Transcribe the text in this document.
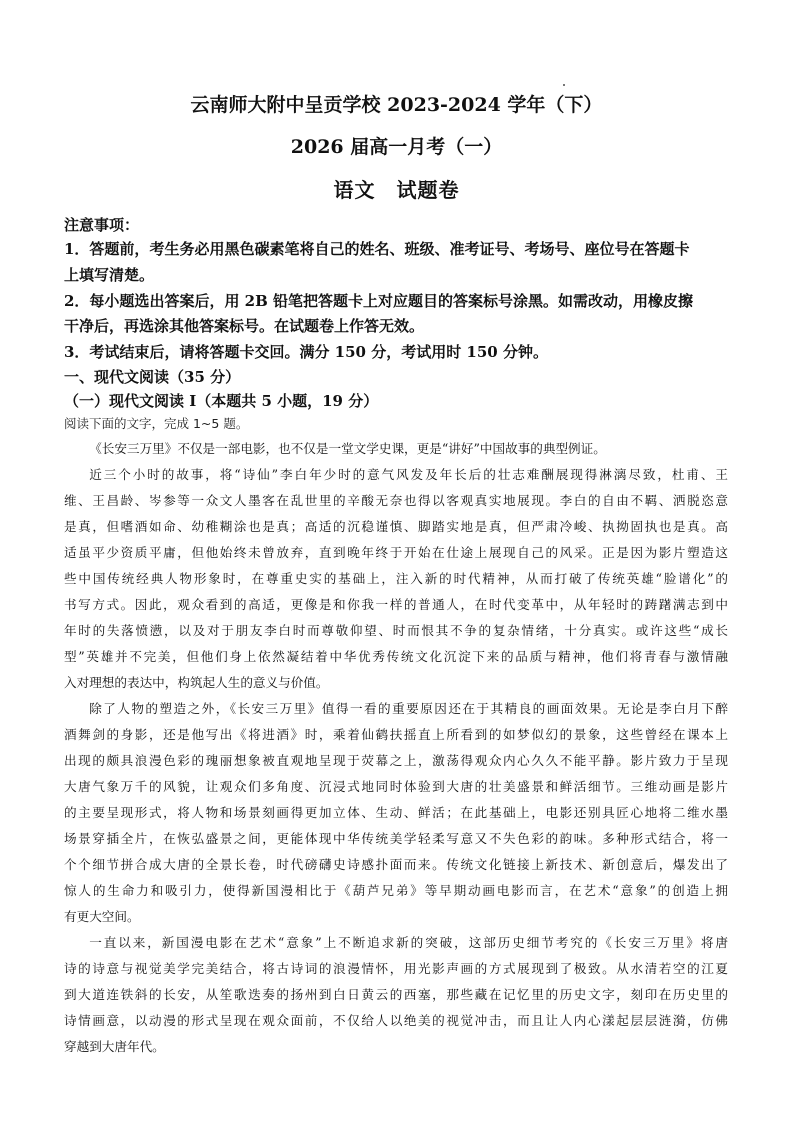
云南师大附中呈贡学校 2023-2024 学年（下）
2026 届高一月考（一）
语文　试题卷
注意事项：
1．答题前，考生务必用黑色碳素笔将自己的姓名、班级、准考证号、考场号、座位号在答题卡
上填写清楚。
2．每小题选出答案后，用 2B 铅笔把答题卡上对应题目的答案标号涂黑。如需改动，用橡皮擦
干净后，再选涂其他答案标号。在试题卷上作答无效。
3．考试结束后，请将答题卡交回。满分 150 分，考试用时 150 分钟。
一、现代文阅读（35 分）
（一）现代文阅读 I（本题共 5 小题，19 分）
阅读下面的文字，完成 1~5 题。

《长安三万里》不仅是一部电影，也不仅是一堂文学史课，更是“讲好”中国故事的典型例证。

近三个小时的故事，将“诗仙”李白年少时的意气风发及年长后的壮志难酬展现得淋漓尽致，杜甫、王
维、王昌龄、岑参等一众文人墨客在乱世里的辛酸无奈也得以客观真实地展现。李白的自由不羁、洒脱恣意
是真，但嗜酒如命、幼稚糊涂也是真；高适的沉稳谨慎、脚踏实地是真，但严肃冷峻、执拗固执也是真。高
适虽平少资质平庸，但他始终未曾放弃，直到晚年终于开始在仕途上展现自己的风采。正是因为影片塑造这
些中国传统经典人物形象时，在尊重史实的基础上，注入新的时代精神，从而打破了传统英雄“脸谱化”的
书写方式。因此，观众看到的高适，更像是和你我一样的普通人，在时代变革中，从年轻时的踌躇满志到中
年时的失落愤懑，以及对于朋友李白时而尊敬仰望、时而恨其不争的复杂情绪，十分真实。或许这些“成长
型”英雄并不完美，但他们身上依然凝结着中华优秀传统文化沉淀下来的品质与精神，他们将青春与激情融
入对理想的表达中，构筑起人生的意义与价值。

除了人物的塑造之外，《长安三万里》值得一看的重要原因还在于其精良的画面效果。无论是李白月下醉
酒舞剑的身影，还是他写出《将进酒》时，乘着仙鹤扶摇直上所看到的如梦似幻的景象，这些曾经在课本上
出现的颇具浪漫色彩的瑰丽想象被直观地呈现于荧幕之上，激荡得观众内心久久不能平静。影片致力于呈现
大唐气象万千的风貌，让观众们多角度、沉浸式地同时体验到大唐的壮美盛景和鲜活细节。三维动画是影片
的主要呈现形式，将人物和场景刻画得更加立体、生动、鲜活；在此基础上，电影还别具匠心地将二维水墨
场景穿插全片，在恢弘盛景之间，更能体现中华传统美学轻柔写意又不失色彩的韵味。多种形式结合，将一
个个细节拼合成大唐的全景长卷，时代磅礴史诗感扑面而来。传统文化链接上新技术、新创意后，爆发出了
惊人的生命力和吸引力，使得新国漫相比于《葫芦兄弟》等早期动画电影而言，在艺术“意象”的创造上拥
有更大空间。

一直以来，新国漫电影在艺术“意象”上不断追求新的突破，这部历史细节考究的《长安三万里》将唐
诗的诗意与视觉美学完美结合，将古诗词的浪漫情怀，用光影声画的方式展现到了极致。从水清若空的江夏
到大道连铁斜的长安，从笙歌迭奏的扬州到白日黄云的西塞，那些藏在记忆里的历史文字，刻印在历史里的
诗情画意，以动漫的形式呈现在观众面前，不仅给人以绝美的视觉冲击，而且让人内心漾起层层涟漪，仿佛
穿越到大唐年代。
